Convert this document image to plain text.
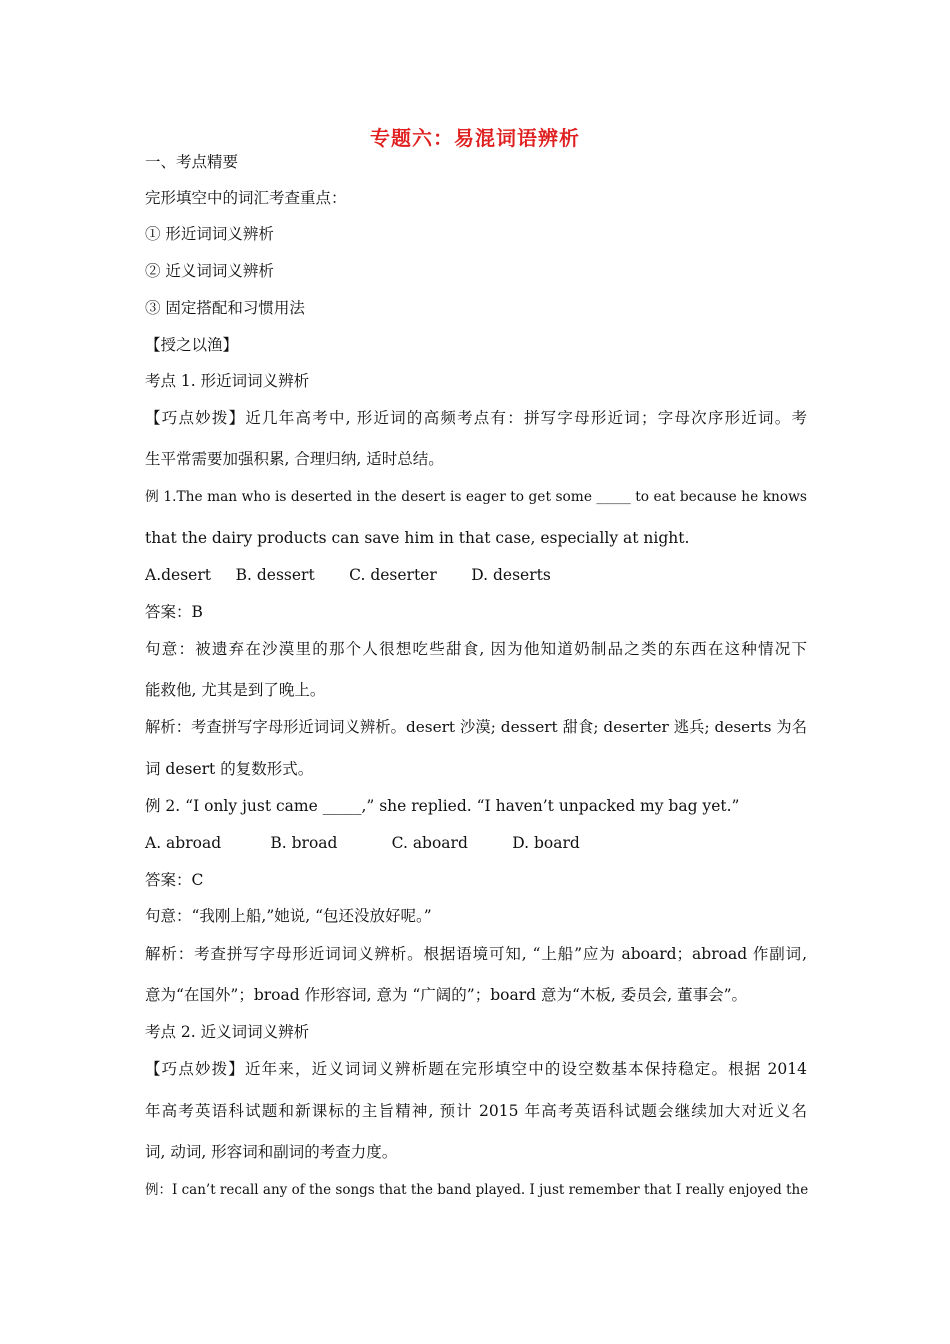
专题六：易混词语辨析
一、考点精要
完形填空中的词汇考查重点：
① 形近词词义辨析
② 近义词词义辨析
③ 固定搭配和习惯用法
【授之以渔】
考点 1. 形近词词义辨析
【巧点妙拨】近几年高考中, 形近词的高频考点有：拼写字母形近词；字母次序形近词。考
生平常需要加强积累, 合理归纳, 适时总结。
例 1.The man who is deserted in the desert is eager to get some _____ to eat because he knows
that the dairy products can save him in that case, especially at night.
A.desert     B. dessert       C. deserter       D. deserts
答案：B
句意：被遗弃在沙漠里的那个人很想吃些甜食, 因为他知道奶制品之类的东西在这种情况下
能救他, 尤其是到了晚上。
解析：考查拼写字母形近词词义辨析。desert 沙漠; dessert 甜食; deserter 逃兵; deserts 为名
词 desert 的复数形式。
例 2. “I only just came _____,” she replied. “I haven’t unpacked my bag yet.”
A. abroad          B. broad           C. aboard         D. board
答案：C
句意：“我刚上船,”她说, “包还没放好呢。”
解析：考查拼写字母形近词词义辨析。根据语境可知, “上船”应为 aboard；abroad 作副词,
意为“在国外”；broad 作形容词, 意为 “广阔的”；board 意为“木板, 委员会, 董事会”。
考点 2. 近义词词义辨析
【巧点妙拨】近年来，近义词词义辨析题在完形填空中的设空数基本保持稳定。根据 2014
年高考英语科试题和新课标的主旨精神, 预计 2015 年高考英语科试题会继续加大对近义名
词, 动词, 形容词和副词的考查力度。
例：I can’t recall any of the songs that the band played. I just remember that I really enjoyed the
